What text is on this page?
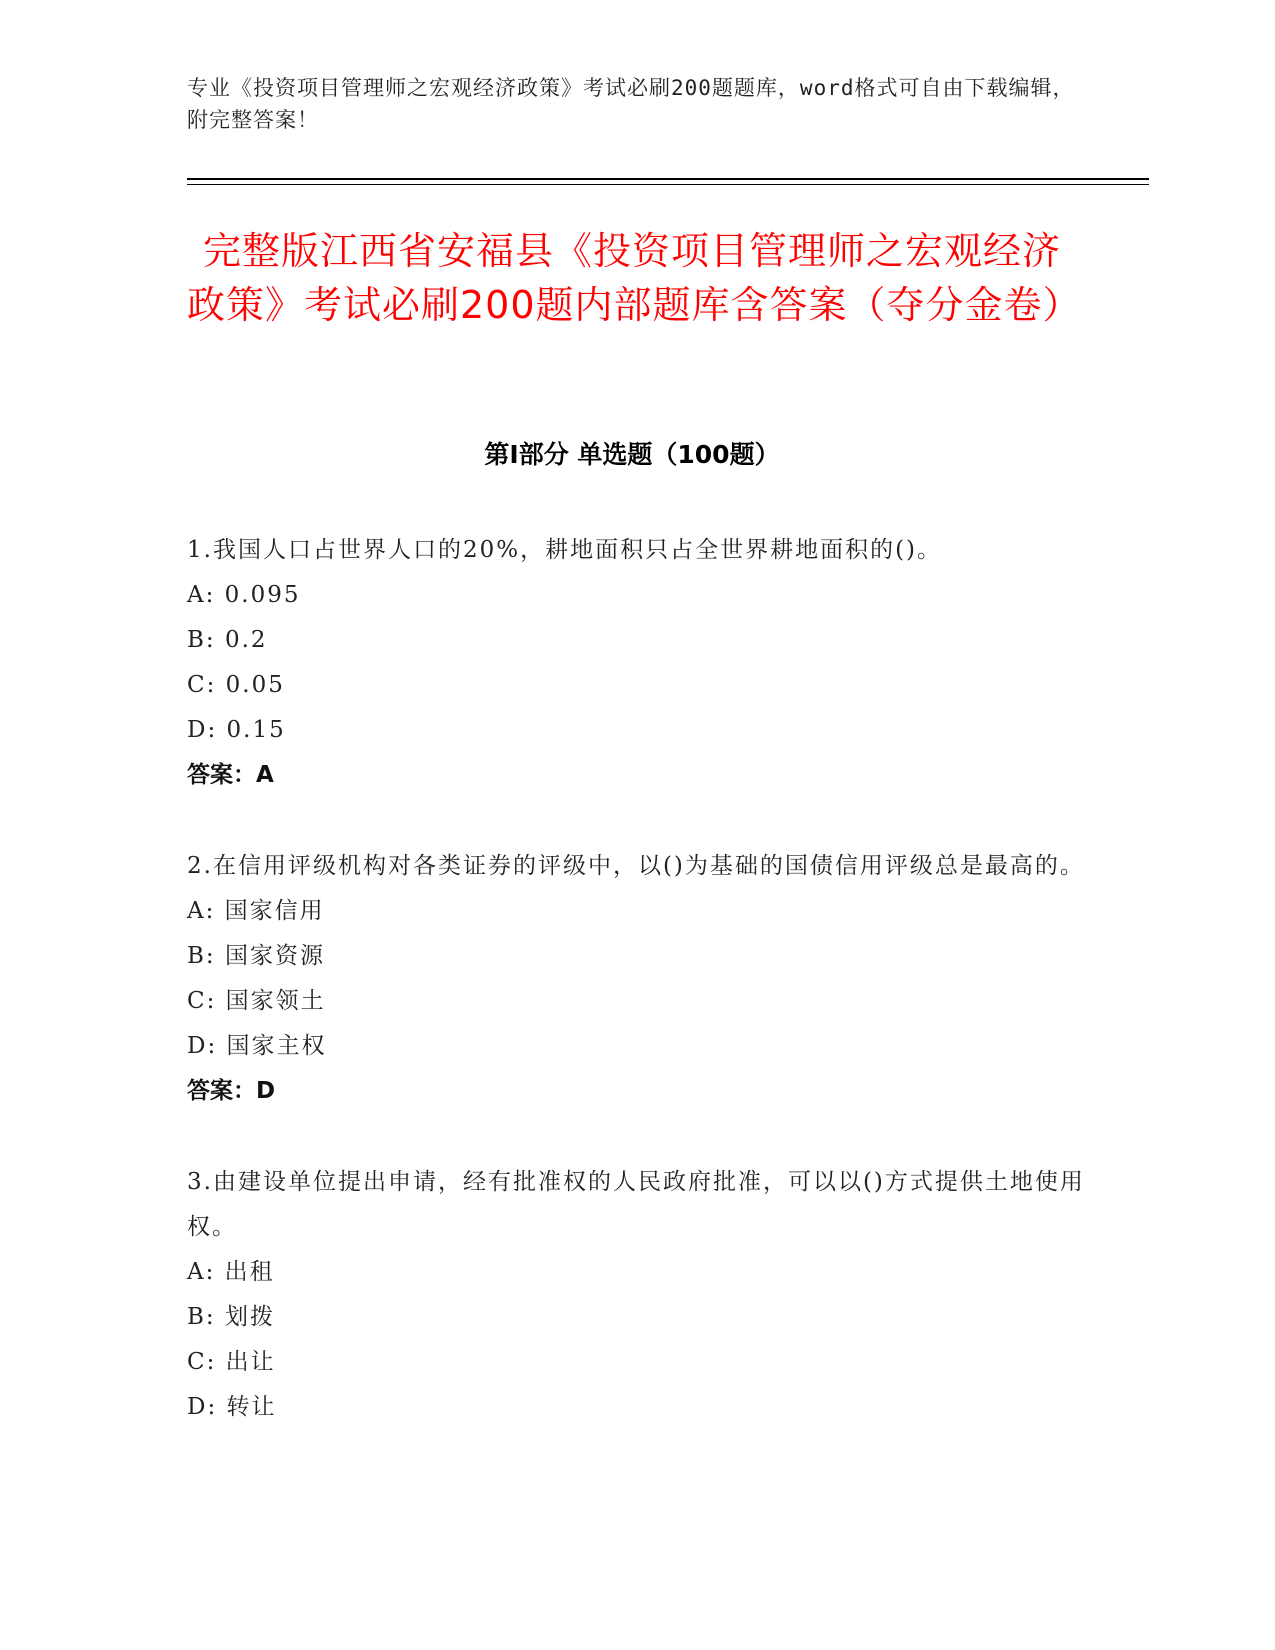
专业《投资项目管理师之宏观经济政策》考试必刷200题题库，word格式可自由下载编辑，附完整答案！
完整版江西省安福县《投资项目管理师之宏观经济政策》考试必刷200题内部题库含答案（夺分金卷）
第I部分 单选题（100题）
1.我国人口占世界人口的20%，耕地面积只占全世界耕地面积的()。
A: 0.095
B: 0.2
C: 0.05
D: 0.15
答案：A
2.在信用评级机构对各类证券的评级中，以()为基础的国债信用评级总是最高的。
A: 国家信用
B: 国家资源
C: 国家领土
D: 国家主权
答案：D
3.由建设单位提出申请，经有批准权的人民政府批准，可以以()方式提供土地使用权。
A: 出租
B: 划拨
C: 出让
D: 转让
